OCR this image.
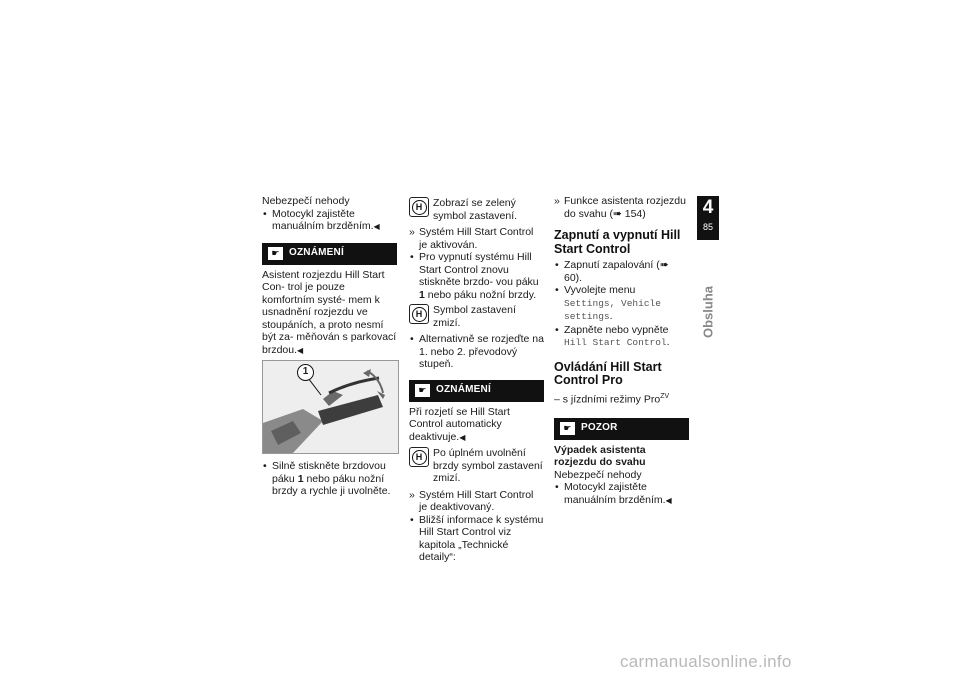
Nebezpečí nehody

• Motocykl zajistěte manuálním brzděním.◀

☛ OZNÁMENÍ

Asistent rozjezdu Hill Start Con- trol je pouze komfortním systé- mem k usnadnění rozjezdu ve stoupáních, a proto nesmí být za- měňován s parkovací brzdou.◀

1

• Silně stiskněte brzdovou páku 1 nebo páku nožní brzdy a rychle ji uvolněte.

H	Zobrazí se zelený symbol zastavení.

» Systém Hill Start Control je aktivován.

• Pro vypnutí systému Hill Start Control znovu stiskněte brzdo- vou páku 1 nebo páku nožní brzdy.

H	Symbol zastavení zmizí.

• Alternativně se rozjeďte na 1. nebo 2. převodový stupeň.

☛ OZNÁMENÍ

Při rozjetí se Hill Start Control automaticky deaktivuje.◀

H	Po úplném uvolnění brzdy symbol zastavení zmizí.

» Systém Hill Start Control je deaktivovaný.

• Bližší informace k systému Hill Start Control viz kapitola „Technické detaily“:

» Funkce asistenta rozjezdu do svahu (➠ 154)

Zapnutí a vypnutí Hill Start Control

• Zapnutí zapalování (➠ 60).

• Vyvolejte menu Settings, Vehicle settings.

• Zapněte nebo vypněte Hill Start Control.

Ovládání Hill Start Control Pro

– s jízdními režimy Pro$^{ZV}$

☛ POZOR

Výpadek asistenta rozjezdu do svahu

Nebezpečí nehody

• Motocykl zajistěte manuálním brzděním.◀

4
85
Obsluha
carmanualsonline.info
